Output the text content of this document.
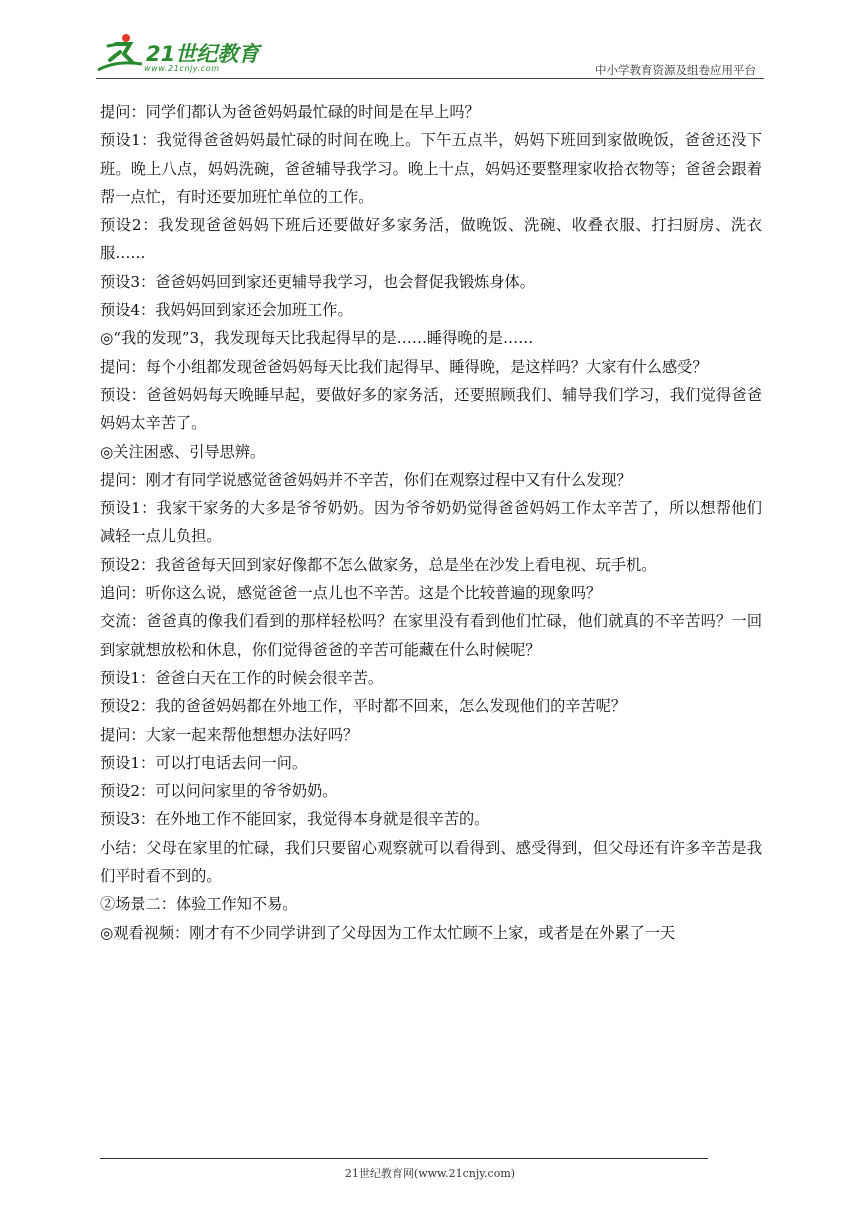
21世纪教育
www.21cnjy.com	中小学教育资源及组卷应用平台

提问：同学们都认为爸爸妈妈最忙碌的时间是在早上吗？

预设1：我觉得爸爸妈妈最忙碌的时间在晚上。下午五点半，妈妈下班回到家做晚饭，爸爸还没下班。晚上八点，妈妈洗碗，爸爸辅导我学习。晚上十点，妈妈还要整理家收拾衣物等；爸爸会跟着帮一点忙，有时还要加班忙单位的工作。

预设2：我发现爸爸妈妈下班后还要做好多家务活，做晚饭、洗碗、收叠衣服、打扫厨房、洗衣服……

预设3：爸爸妈妈回到家还更辅导我学习，也会督促我锻炼身体。

预设4：我妈妈回到家还会加班工作。

◎“我的发现”3，我发现每天比我起得早的是……睡得晚的是……

提问：每个小组都发现爸爸妈妈每天比我们起得早、睡得晚，是这样吗？大家有什么感受？

预设：爸爸妈妈每天晚睡早起，要做好多的家务活，还要照顾我们、辅导我们学习，我们觉得爸爸妈妈太辛苦了。

◎关注困惑、引导思辨。

提问：刚才有同学说感觉爸爸妈妈并不辛苦，你们在观察过程中又有什么发现？

预设1：我家干家务的大多是爷爷奶奶。因为爷爷奶奶觉得爸爸妈妈工作太辛苦了，所以想帮他们减轻一点儿负担。

预设2：我爸爸每天回到家好像都不怎么做家务，总是坐在沙发上看电视、玩手机。

追问：听你这么说，感觉爸爸一点儿也不辛苦。这是个比较普遍的现象吗？

交流：爸爸真的像我们看到的那样轻松吗？在家里没有看到他们忙碌，他们就真的不辛苦吗？一回到家就想放松和休息，你们觉得爸爸的辛苦可能藏在什么时候呢？

预设1：爸爸白天在工作的时候会很辛苦。

预设2：我的爸爸妈妈都在外地工作，平时都不回来，怎么发现他们的辛苦呢？

提问：大家一起来帮他想想办法好吗？

预设1：可以打电话去问一问。

预设2：可以问问家里的爷爷奶奶。

预设3：在外地工作不能回家，我觉得本身就是很辛苦的。

小结：父母在家里的忙碌，我们只要留心观察就可以看得到、感受得到，但父母还有许多辛苦是我们平时看不到的。

②场景二：体验工作知不易。

◎观看视频：刚才有不少同学讲到了父母因为工作太忙顾不上家，或者是在外累了一天

21世纪教育网(www.21cnjy.com)
